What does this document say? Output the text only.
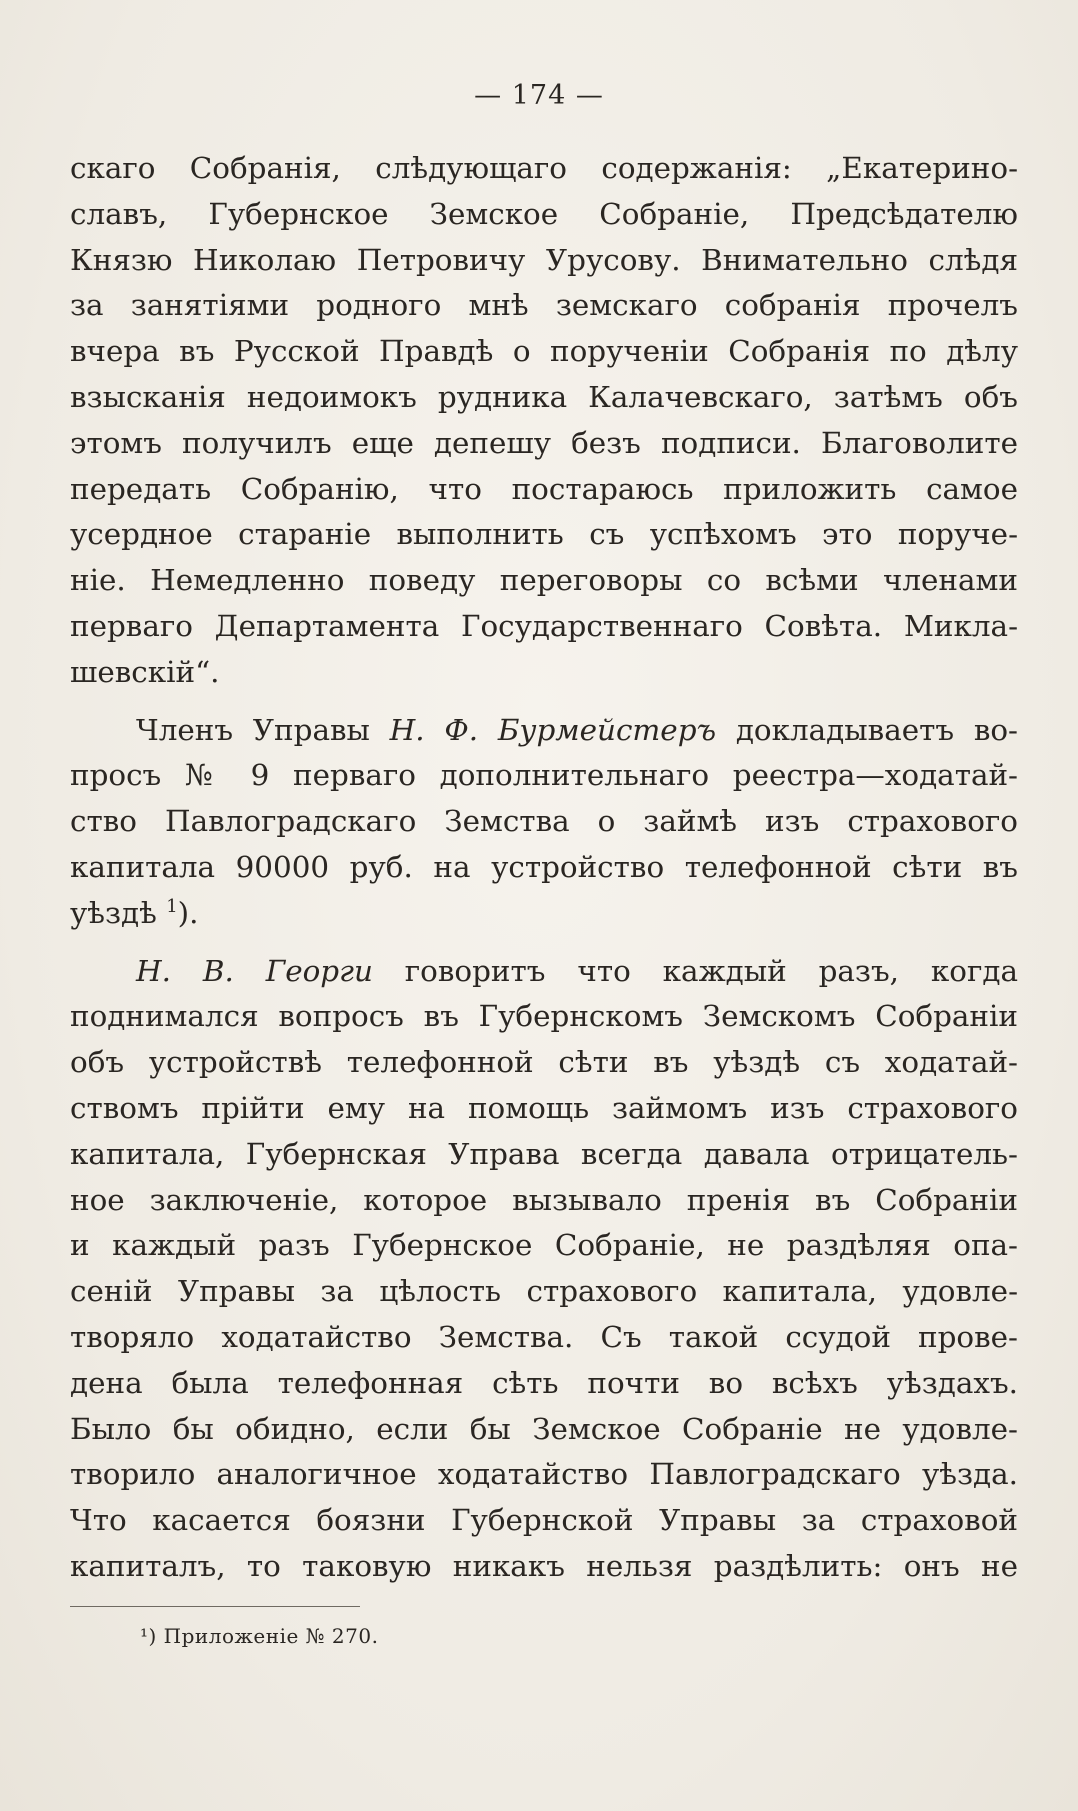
— 174 —
скаго Собранія, слѣдующаго содержанія: „Екатерино-
славъ, Губернское Земское Собраніе, Предсѣдателю
Князю Николаю Петровичу Урусову. Внимательно слѣдя
за занятіями родного мнѣ земскаго собранія прочелъ
вчера въ Русской Правдѣ о порученіи Собранія по дѣлу
взысканія недоимокъ рудника Калачевскаго, затѣмъ объ
этомъ получилъ еще депешу безъ подписи. Благоволите
передать Собранію, что постараюсь приложить самое
усердное стараніе выполнить съ успѣхомъ это поруче-
ніе. Немедленно поведу переговоры со всѣми членами
перваго Департамента Государственнаго Совѣта. Микла-
шевскій“.
Членъ Управы Н. Ф. Бурмейстеръ докладываетъ во-
просъ № 9 перваго дополнительнаго реестра—ходатай-
ство Павлоградскаго Земства о займѣ изъ страхового
капитала 90000 руб. на устройство телефонной сѣти въ
уѣздѣ $^1$).
Н. В. Георги говоритъ что каждый разъ, когда
поднимался вопросъ въ Губернскомъ Земскомъ Собраніи
объ устройствѣ телефонной сѣти въ уѣздѣ съ ходатай-
ствомъ прійти ему на помощь займомъ изъ страхового
капитала, Губернская Управа всегда давала отрицатель-
ное заключеніе, которое вызывало пренія въ Собраніи
и каждый разъ Губернское Собраніе, не раздѣляя опа-
сеній Управы за цѣлость страхового капитала, удовле-
творяло ходатайство Земства. Съ такой ссудой прове-
дена была телефонная сѣть почти во всѣхъ уѣздахъ.
Было бы обидно, если бы Земское Собраніе не удовле-
творило аналогичное ходатайство Павлоградскаго уѣзда.
Что касается боязни Губернской Управы за страховой
капиталъ, то таковую никакъ нельзя раздѣлить: онъ не
¹) Приложеніе № 270.
